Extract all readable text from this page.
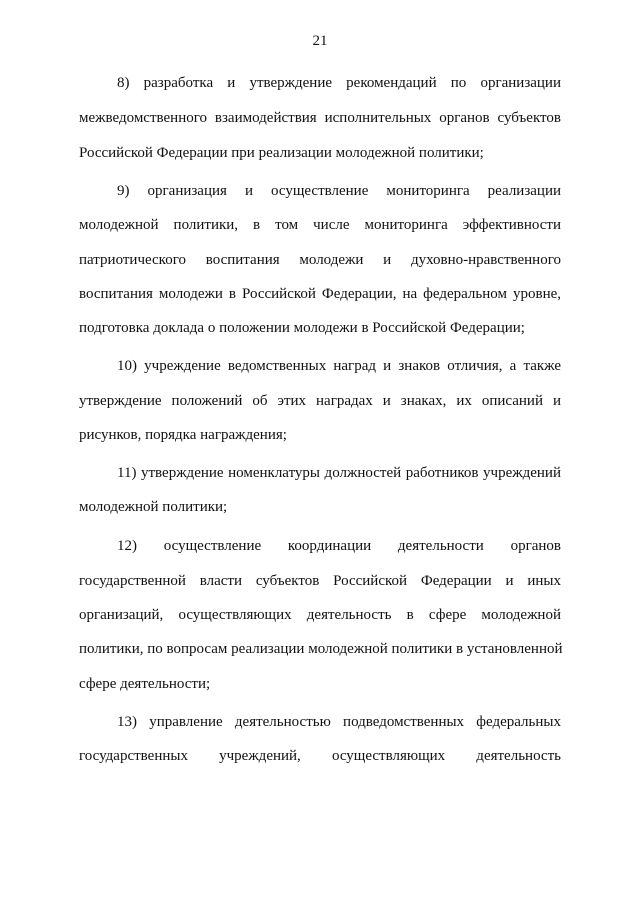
21
8) разработка и утверждение рекомендаций по организации
межведомственного взаимодействия исполнительных органов субъектов
Российской Федерации при реализации молодежной политики;
9) организация и осуществление мониторинга реализации
молодежной политики, в том числе мониторинга эффективности
патриотического воспитания молодежи и духовно-нравственного
воспитания молодежи в Российской Федерации, на федеральном уровне,
подготовка доклада о положении молодежи в Российской Федерации;
10) учреждение ведомственных наград и знаков отличия, а также
утверждение положений об этих наградах и знаках, их описаний и
рисунков, порядка награждения;
11) утверждение номенклатуры должностей работников учреждений
молодежной политики;
12) осуществление координации деятельности органов
государственной власти субъектов Российской Федерации и иных
организаций, осуществляющих деятельность в сфере молодежной
политики, по вопросам реализации молодежной политики в установленной
сфере деятельности;
13) управление деятельностью подведомственных федеральных
государственных учреждений, осуществляющих деятельность
